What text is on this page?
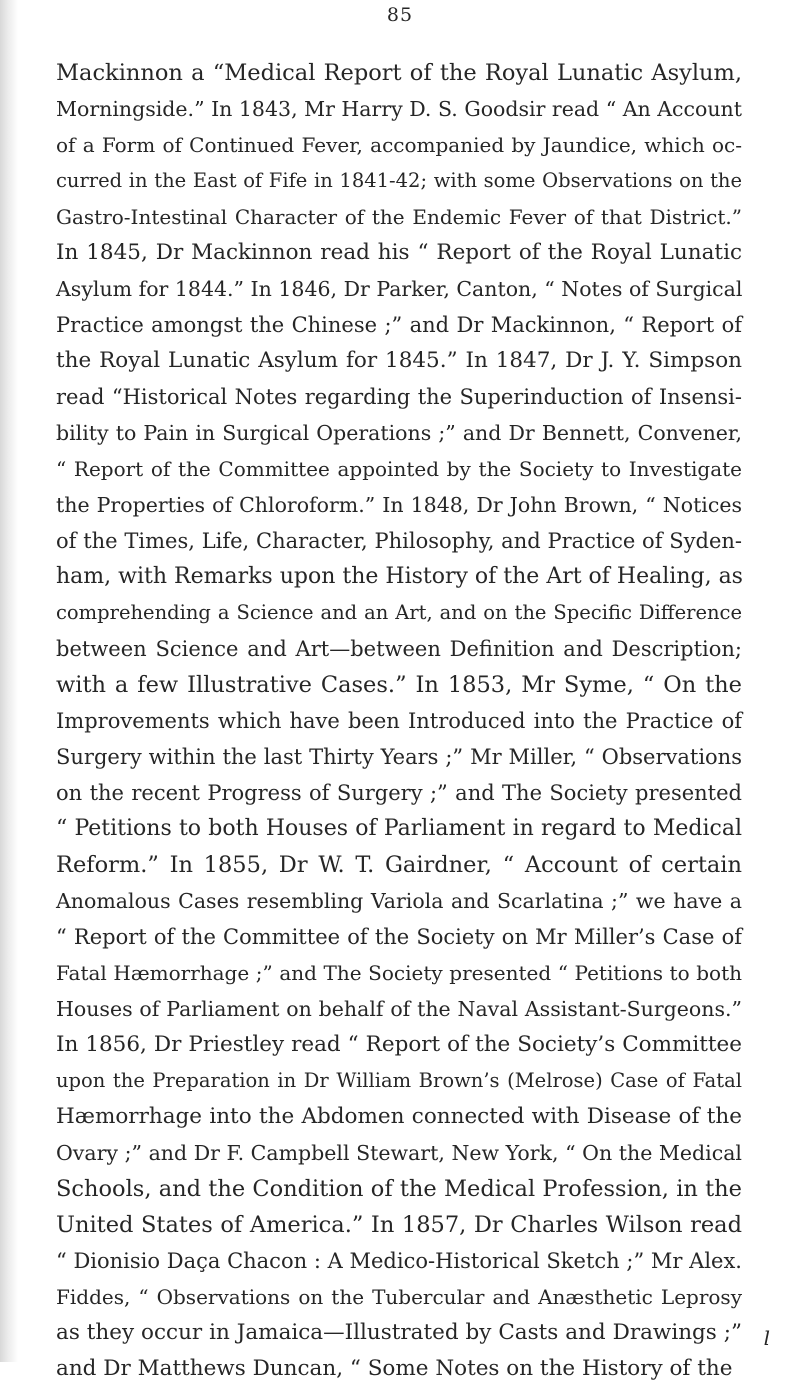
85
Mackinnon a “Medical Report of the Royal Lunatic Asylum,
Morningside.” In 1843, Mr Harry D. S. Goodsir read “ An Account
of a Form of Continued Fever, accompanied by Jaundice, which oc-
curred in the East of Fife in 1841-42; with some Observations on the
Gastro-Intestinal Character of the Endemic Fever of that District.”
In 1845, Dr Mackinnon read his “ Report of the Royal Lunatic
Asylum for 1844.” In 1846, Dr Parker, Canton, “ Notes of Surgical
Practice amongst the Chinese ;” and Dr Mackinnon, “ Report of
the Royal Lunatic Asylum for 1845.” In 1847, Dr J. Y. Simpson
read “Historical Notes regarding the Superinduction of Insensi-
bility to Pain in Surgical Operations ;” and Dr Bennett, Convener,
“ Report of the Committee appointed by the Society to Investigate
the Properties of Chloroform.” In 1848, Dr John Brown, “ Notices
of the Times, Life, Character, Philosophy, and Practice of Syden-
ham, with Remarks upon the History of the Art of Healing, as
comprehending a Science and an Art, and on the Specific Difference
between Science and Art—between Definition and Description;
with a few Illustrative Cases.” In 1853, Mr Syme, “ On the
Improvements which have been Introduced into the Practice of
Surgery within the last Thirty Years ;” Mr Miller, “ Observations
on the recent Progress of Surgery ;” and The Society presented
“ Petitions to both Houses of Parliament in regard to Medical
Reform.” In 1855, Dr W. T. Gairdner, “ Account of certain
Anomalous Cases resembling Variola and Scarlatina ;” we have a
“ Report of the Committee of the Society on Mr Miller’s Case of
Fatal Hæmorrhage ;” and The Society presented “ Petitions to both
Houses of Parliament on behalf of the Naval Assistant-Surgeons.”
In 1856, Dr Priestley read “ Report of the Society’s Committee
upon the Preparation in Dr William Brown’s (Melrose) Case of Fatal
Hæmorrhage into the Abdomen connected with Disease of the
Ovary ;” and Dr F. Campbell Stewart, New York, “ On the Medical
Schools, and the Condition of the Medical Profession, in the
United States of America.” In 1857, Dr Charles Wilson read
“ Dionisio Daça Chacon : A Medico-Historical Sketch ;” Mr Alex.
Fiddes, “ Observations on the Tubercular and Anæsthetic Leprosy
as they occur in Jamaica—Illustrated by Casts and Drawings ;”
and Dr Matthews Duncan, “ Some Notes on the History of the
l
